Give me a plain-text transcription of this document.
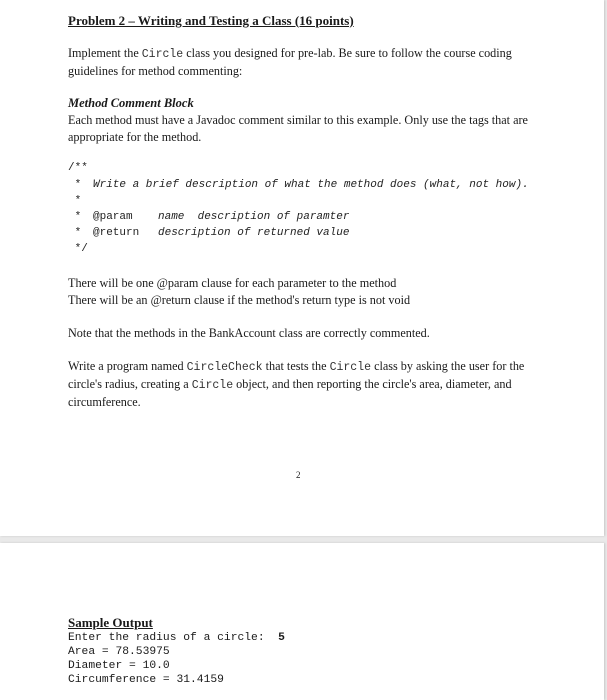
Problem 2 – Writing and Testing a Class (16 points)

Implement the Circle class you designed for pre-lab. Be sure to follow the course coding guidelines for method commenting:

Method Comment Block

Each method must have a Javadoc comment similar to this example. Only use the tags that are appropriate for the method.

/**
* Write a brief description of what the method does (what, not how).
*
* @param name  description of paramter
* @return description of returned value
*/

There will be one @param clause for each parameter to the method

There will be an @return clause if the method's return type is not void

Note that the methods in the BankAccount class are correctly commented.

Write a program named CircleCheck that tests the Circle class by asking the user for the circle's radius, creating a Circle object, and then reporting the circle's area, diameter, and circumference.

2
Sample Output
Enter the radius of a circle:  5
Area = 78.53975
Diameter = 10.0
Circumference = 31.4159
